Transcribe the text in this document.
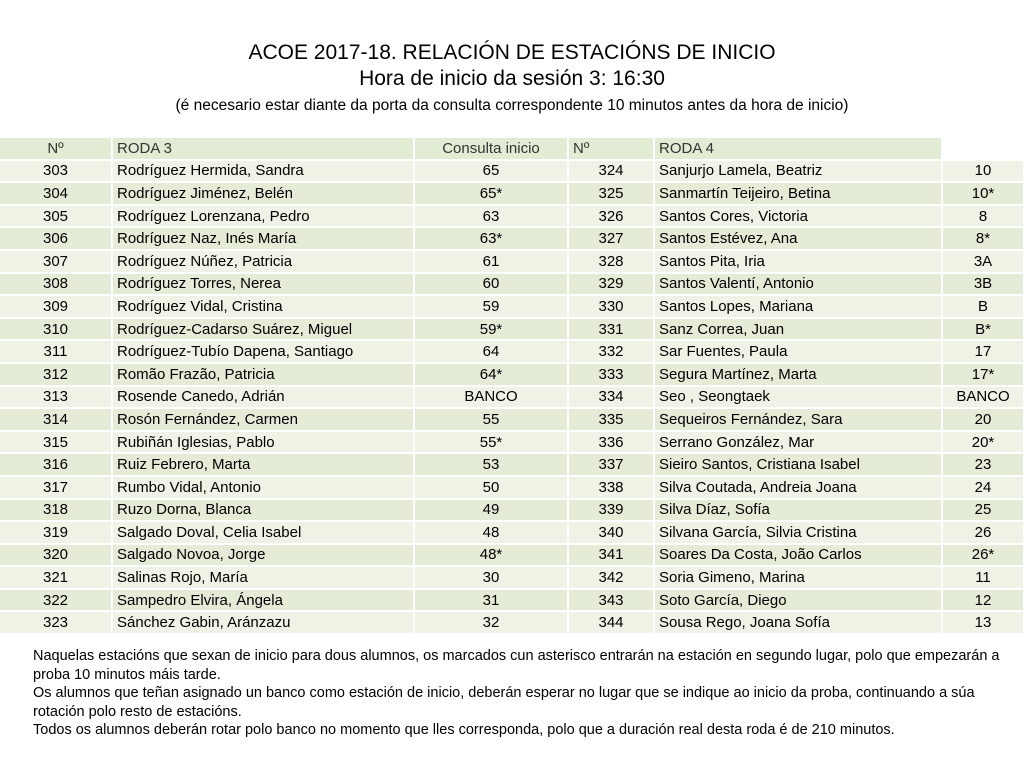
ACOE 2017-18. RELACIÓN DE ESTACIÓNS DE INICIO
Hora de inicio da sesión 3: 16:30
(é necesario estar diante da porta da consulta correspondente 10 minutos antes da hora de inicio)
Nº	RODA 3	Consulta inicio	Nº	RODA 4	
303	Rodríguez Hermida, Sandra	65	324	Sanjurjo Lamela, Beatriz	10
304	Rodríguez Jiménez, Belén	65*	325	Sanmartín Teijeiro, Betina	10*
305	Rodríguez Lorenzana, Pedro	63	326	Santos Cores, Victoria	8
306	Rodríguez Naz, Inés María	63*	327	Santos Estévez, Ana	8*
307	Rodríguez Núñez, Patricia	61	328	Santos Pita, Iria	3A
308	Rodríguez Torres, Nerea	60	329	Santos Valentí, Antonio	3B
309	Rodríguez Vidal, Cristina	59	330	Santos Lopes, Mariana	B
310	Rodríguez-Cadarso Suárez, Miguel	59*	331	Sanz Correa, Juan	B*
311	Rodríguez-Tubío Dapena, Santiago	64	332	Sar Fuentes, Paula	17
312	Romão Frazão, Patricia	64*	333	Segura Martínez, Marta	17*
313	Rosende Canedo, Adrián	BANCO	334	Seo , Seongtaek	BANCO
314	Rosón Fernández, Carmen	55	335	Sequeiros Fernández, Sara	20
315	Rubiñán Iglesias, Pablo	55*	336	Serrano González, Mar	20*
316	Ruiz Febrero, Marta	53	337	Sieiro Santos, Cristiana Isabel	23
317	Rumbo Vidal, Antonio	50	338	Silva Coutada, Andreia Joana	24
318	Ruzo Dorna, Blanca	49	339	Silva Díaz, Sofía	25
319	Salgado Doval, Celia Isabel	48	340	Silvana García, Silvia Cristina	26
320	Salgado Novoa, Jorge	48*	341	Soares Da Costa, João Carlos	26*
321	Salinas Rojo, María	30	342	Soria Gimeno, Marina	11
322	Sampedro Elvira, Ángela	31	343	Soto García, Diego	12
323	Sánchez Gabin, Aránzazu	32	344	Sousa Rego, Joana Sofía	13

Naquelas estacións que sexan de inicio para dous alumnos, os marcados cun asterisco entrarán na estación en segundo lugar, polo que empezarán a proba 10 minutos máis tarde.

Os alumnos que teñan asignado un banco como estación de inicio, deberán esperar no lugar que se indique ao inicio da proba, continuando a súa rotación polo resto de estacións.

Todos os alumnos deberán rotar polo banco no momento que lles corresponda, polo que a duración real desta roda é de 210 minutos.
